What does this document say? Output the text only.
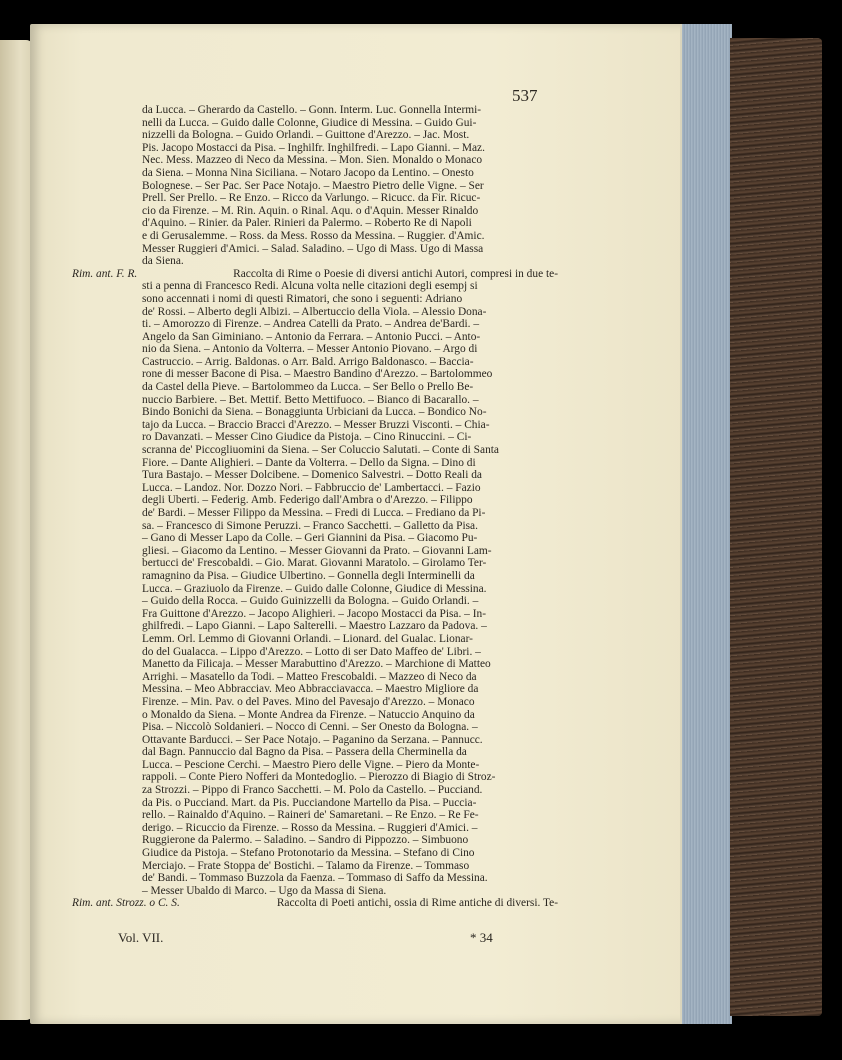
537
da Lucca. – Gherardo da Castello. – Gonn. Interm. Luc. Gonnella Intermi-
nelli da Lucca. – Guido dalle Colonne, Giudice di Messina. – Guido Gui-
nizzelli da Bologna. – Guido Orlandi. – Guittone d'Arezzo. – Jac. Most.
Pis. Jacopo Mostacci da Pisa. – Inghilfr. Inghilfredi. – Lapo Gianni. – Maz.
Nec. Mess. Mazzeo di Neco da Messina. – Mon. Sien. Monaldo o Monaco
da Siena. – Monna Nina Siciliana. – Notaro Jacopo da Lentino. – Onesto
Bolognese. – Ser Pac. Ser Pace Notajo. – Maestro Pietro delle Vigne. – Ser
Prell. Ser Prello. – Re Enzo. – Ricco da Varlungo. – Ricucc. da Fir. Ricuc-
cio da Firenze. – M. Rin. Aquin. o Rinal. Aqu. o d'Aquin. Messer Rinaldo
d'Aquino. – Rinier. da Paler. Rinieri da Palermo. – Roberto Re di Napoli
e di Gerusalemme. – Ross. da Mess. Rosso da Messina. – Ruggier. d'Amic.
Messer Ruggieri d'Amici. – Salad. Saladino. – Ugo di Mass. Ugo di Massa
da Siena.
Rim. ant. F. R.	Raccolta di Rime o Poesie di diversi antichi Autori, compresi in due te-
sti a penna di Francesco Redi. Alcuna volta nelle citazioni degli esempj si
sono accennati i nomi di questi Rimatori, che sono i seguenti: Adriano
de' Rossi. – Alberto degli Albizi. – Albertuccio della Viola. – Alessio Dona-
ti. – Amorozzo di Firenze. – Andrea Catelli da Prato. – Andrea de'Bardi. –
Angelo da San Giminiano. – Antonio da Ferrara. – Antonio Pucci. – Anto-
nio da Siena. – Antonio da Volterra. – Messer Antonio Piovano. – Argo di
Castruccio. – Arrig. Baldonas. o Arr. Bald. Arrigo Baldonasco. – Baccia-
rone di messer Bacone di Pisa. – Maestro Bandino d'Arezzo. – Bartolommeo
da Castel della Pieve. – Bartolommeo da Lucca. – Ser Bello o Prello Be-
nuccio Barbiere. – Bet. Mettif. Betto Mettifuoco. – Bianco di Bacarallo. –
Bindo Bonichi da Siena. – Bonaggiunta Urbiciani da Lucca. – Bondico No-
tajo da Lucca. – Braccio Bracci d'Arezzo. – Messer Bruzzi Visconti. – Chia-
ro Davanzati. – Messer Cino Giudice da Pistoja. – Cino Rinuccini. – Ci-
scranna de' Piccogliuomini da Siena. – Ser Coluccio Salutati. – Conte di Santa
Fiore. – Dante Alighieri. – Dante da Volterra. – Dello da Signa. – Dino di
Tura Bastajo. – Messer Dolcibene. – Domenico Salvestri. – Dotto Reali da
Lucca. – Landoz. Nor. Dozzo Nori. – Fabbruccio de' Lambertacci. – Fazio
degli Uberti. – Federig. Amb. Federigo dall'Ambra o d'Arezzo. – Filippo
de' Bardi. – Messer Filippo da Messina. – Fredi di Lucca. – Frediano da Pi-
sa. – Francesco di Simone Peruzzi. – Franco Sacchetti. – Galletto da Pisa.
– Gano di Messer Lapo da Colle. – Geri Giannini da Pisa. – Giacomo Pu-
gliesi. – Giacomo da Lentino. – Messer Giovanni da Prato. – Giovanni Lam-
bertucci de' Frescobaldi. – Gio. Marat. Giovanni Maratolo. – Girolamo Ter-
ramagnino da Pisa. – Giudice Ulbertino. – Gonnella degli Interminelli da
Lucca. – Graziuolo da Firenze. – Guido dalle Colonne, Giudice di Messina.
– Guido della Rocca. – Guido Guinizzelli da Bologna. – Guido Orlandi. –
Fra Guittone d'Arezzo. – Jacopo Alighieri. – Jacopo Mostacci da Pisa. – In-
ghilfredi. – Lapo Gianni. – Lapo Salterelli. – Maestro Lazzaro da Padova. –
Lemm. Orl. Lemmo di Giovanni Orlandi. – Lionard. del Gualac. Lionar-
do del Gualacca. – Lippo d'Arezzo. – Lotto di ser Dato Maffeo de' Libri. –
Manetto da Filicaja. – Messer Marabuttino d'Arezzo. – Marchione di Matteo
Arrighi. – Masatello da Todi. – Matteo Frescobaldi. – Mazzeo di Neco da
Messina. – Meo Abbracciav. Meo Abbracciavacca. – Maestro Migliore da
Firenze. – Min. Pav. o del Paves. Mino del Pavesajo d'Arezzo. – Monaco
o Monaldo da Siena. – Monte Andrea da Firenze. – Natuccio Anquino da
Pisa. – Niccolò Soldanieri. – Nocco di Cenni. – Ser Onesto da Bologna. –
Ottavante Barducci. – Ser Pace Notajo. – Paganino da Serzana. – Pannucc.
dal Bagn. Pannuccio dal Bagno da Pisa. – Passera della Cherminella da
Lucca. – Pescione Cerchi. – Maestro Piero delle Vigne. – Piero da Monte-
rappoli. – Conte Piero Nofferi da Montedoglio. – Pierozzo di Biagio di Stroz-
za Strozzi. – Pippo di Franco Sacchetti. – M. Polo da Castello. – Pucciand.
da Pis. o Pucciand. Mart. da Pis. Pucciandone Martello da Pisa. – Puccia-
rello. – Rainaldo d'Aquino. – Raineri de' Samaretani. – Re Enzo. – Re Fe-
derigo. – Ricuccio da Firenze. – Rosso da Messina. – Ruggieri d'Amici. –
Ruggierone da Palermo. – Saladino. – Sandro di Pippozzo. – Simbuono
Giudice da Pistoja. – Stefano Protonotario da Messina. – Stefano di Cino
Merciajo. – Frate Stoppa de' Bostichi. – Talamo da Firenze. – Tommaso
de' Bandi. – Tommaso Buzzola da Faenza. – Tommaso di Saffo da Messina.
– Messer Ubaldo di Marco. – Ugo da Massa di Siena.
Rim. ant. Strozz. o C. S.	Raccolta di Poeti antichi, ossia di Rime antiche di diversi. Te-
Vol. VII.	* 34
